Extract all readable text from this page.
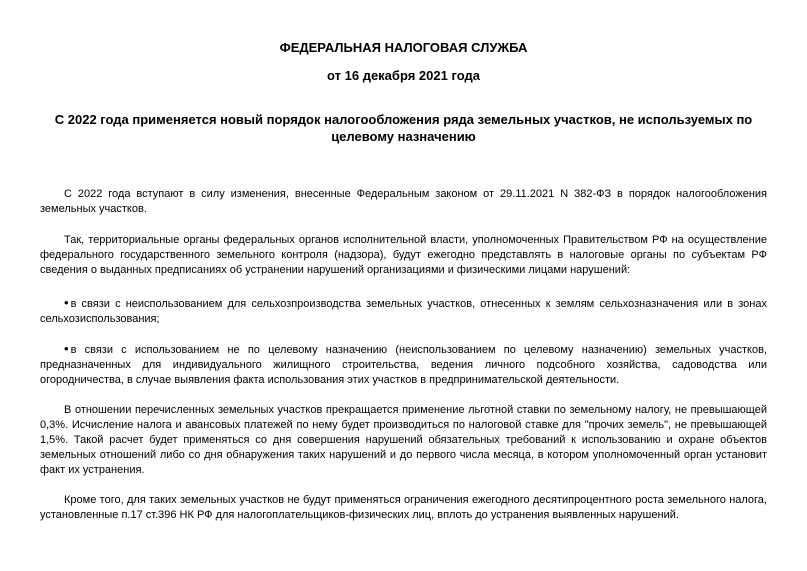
ФЕДЕРАЛЬНАЯ НАЛОГОВАЯ СЛУЖБА
от 16 декабря 2021 года
С 2022 года применяется новый порядок налогообложения ряда земельных участков, не используемых по целевому назначению
С 2022 года вступают в силу изменения, внесенные Федеральным законом от 29.11.2021 N 382-ФЗ в порядок налогообложения земельных участков.
Так, территориальные органы федеральных органов исполнительной власти, уполномоченных Правительством РФ на осуществление федерального государственного земельного контроля (надзора), будут ежегодно представлять в налоговые органы по субъектам РФ сведения о выданных предписаниях об устранении нарушений организациями и физическими лицами нарушений:
• в связи с неиспользованием для сельхозпроизводства земельных участков, отнесенных к землям сельхозназначения или в зонах сельхозиспользования;
• в связи с использованием не по целевому назначению (неиспользованием по целевому назначению) земельных участков, предназначенных для индивидуального жилищного строительства, ведения личного подсобного хозяйства, садоводства или огородничества, в случае выявления факта использования этих участков в предпринимательской деятельности.
В отношении перечисленных земельных участков прекращается применение льготной ставки по земельному налогу, не превышающей 0,3%. Исчисление налога и авансовых платежей по нему будет производиться по налоговой ставке для "прочих земель", не превышающей 1,5%. Такой расчет будет применяться со дня совершения нарушений обязательных требований к использованию и охране объектов земельных отношений либо со дня обнаружения таких нарушений и до первого числа месяца, в котором уполномоченный орган установит факт их устранения.
Кроме того, для таких земельных участков не будут применяться ограничения ежегодного десятипроцентного роста земельного налога, установленные п.17 ст.396 НК РФ для налогоплательщиков-физических лиц, вплоть до устранения выявленных нарушений.
